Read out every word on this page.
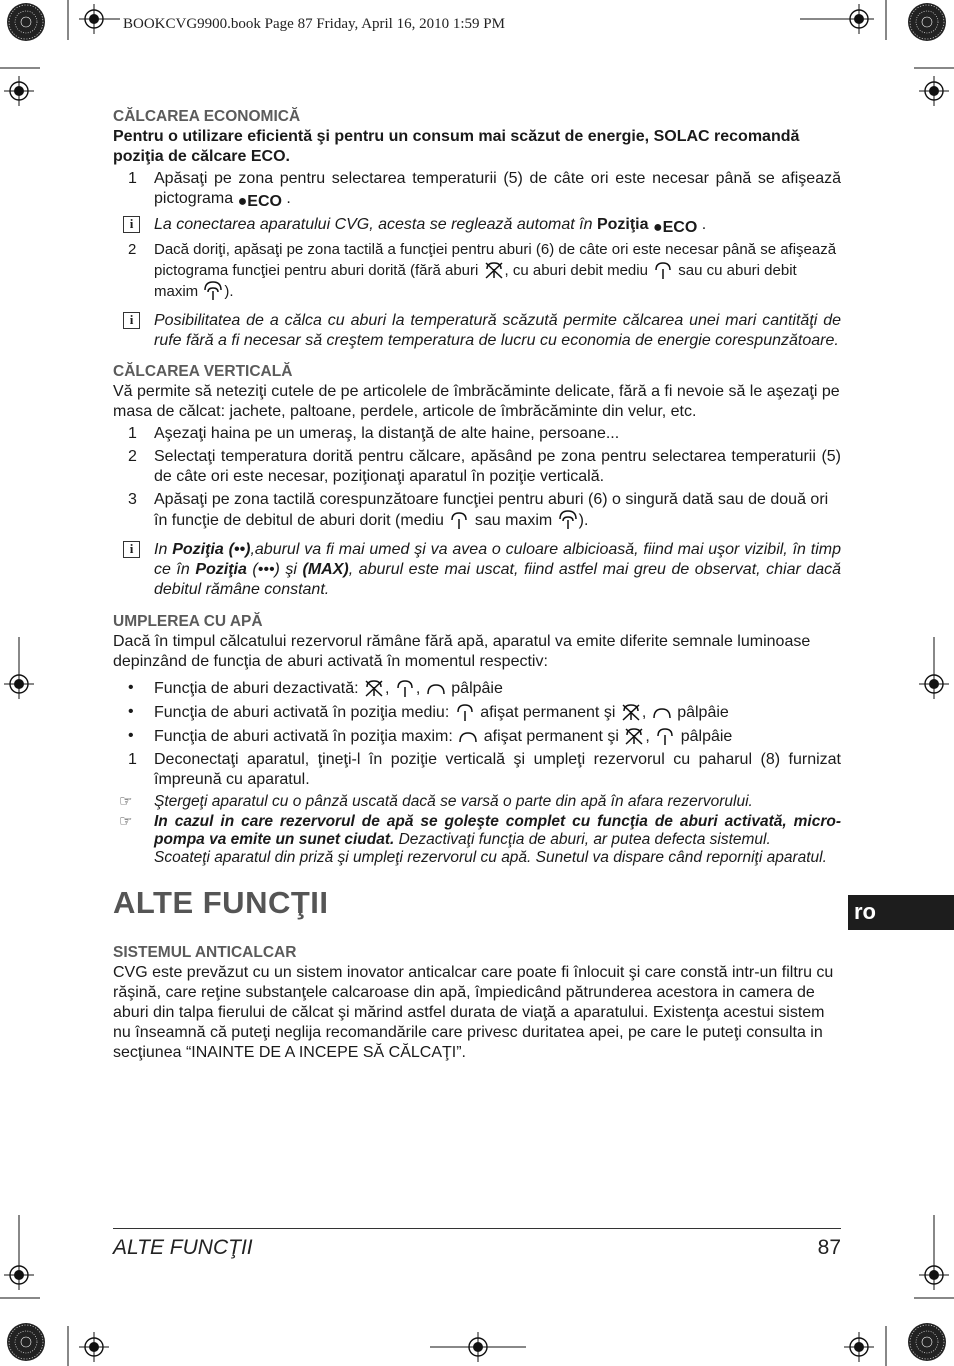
BOOKCVG9900.book Page 87 Friday, April 16, 2010 1:59 PM
CĂLCAREA ECONOMICĂ

Pentru o utilizare eficientă şi pentru un consum mai scăzut de energie, SOLAC recomandă poziţia de călcare ECO.

1	Apăsaţi pe zona pentru selectarea temperaturii (5) de câte ori este necesar până se afişează pictograma ●ECO .
i	La conectarea aparatului CVG, acesta se reglează automat în Poziţia ●ECO .
2	Dacă doriţi, apăsaţi pe zona tactilă a funcţiei pentru aburi (6) de câte ori este necesar până se afişează pictograma funcţiei pentru aburi dorită (fără aburi , cu aburi debit mediu sau cu aburi debit maxim ).
i	Posibilitatea de a călca cu aburi la temperatură scăzută permite călcarea unei mari cantităţi de rufe fără a fi necesar să creştem temperatura de lucru cu economia de energie corespunzătoare.
CĂLCAREA VERTICALĂ

Vă permite să neteziţi cutele de pe articolele de îmbrăcăminte delicate, fără a fi nevoie să le aşezaţi pe masa de călcat: jachete, paltoane, perdele, articole de îmbrăcăminte din velur, etc.

1	Aşezaţi haina pe un umeraş, la distanţă de alte haine, persoane...
2	Selectaţi temperatura dorită pentru călcare, apăsând pe zona pentru selectarea temperaturii (5) de câte ori este necesar, poziţionaţi aparatul în poziţie verticală.
3	Apăsaţi pe zona tactilă corespunzătoare funcţiei pentru aburi (6) o singură dată sau de două ori în funcţie de debitul de aburi dorit (mediu sau maxim ).
i	In Poziţia (••),aburul va fi mai umed şi va avea o culoare albicioasă, fiind mai uşor vizibil, în timp ce în Poziţia (•••) şi (MAX), aburul este mai uscat, fiind astfel mai greu de observat, chiar dacă debitul rămâne constant.
UMPLEREA CU APĂ

Dacă în timpul călcatului rezervorul rămâne fără apă, aparatul va emite diferite semnale luminoase depinzând de funcţia de aburi activată în momentul respectiv:

•	Funcţia de aburi dezactivată: , , pâlpâie
•	Funcţia de aburi activată în poziţia mediu: afişat permanent şi , pâlpâie
•	Funcţia de aburi activată în poziţia maxim: afişat permanent şi , pâlpâie
1	Deconectaţi aparatul, ţineţi-l în poziţie verticală şi umpleţi rezervorul cu paharul (8) furnizat împreună cu aparatul.
☞	Ştergeţi aparatul cu o pânză uscată dacă se varsă o parte din apă în afara rezervorului.
☞	In cazul in care rezervorul de apă se goleşte complet cu funcţia de aburi activată, micro-pompa va emite un sunet ciudat. Dezactivaţi funcţia de aburi, ar putea defecta sistemul.
Scoateţi aparatul din priză şi umpleţi rezervorul cu apă. Sunetul va dispare când reporniţi aparatul.
ALTE FUNCŢII
SISTEMUL ANTICALCAR

CVG este prevăzut cu un sistem inovator anticalcar care poate fi înlocuit şi care constă intr-un filtru cu răşină, care reţine substanţele calcaroase din apă, împiedicând pătrunderea acestora in camera de aburi din talpa fierului de călcat şi mărind astfel durata de viaţă a aparatului. Existenţa acestui sistem nu înseamnă că puteţi neglija recomandările care privesc duritatea apei, pe care le puteţi consulta in secţiunea “INAINTE DE A INCEPE SĂ CĂLCAŢI”.

ro
ALTE FUNCŢII	87
